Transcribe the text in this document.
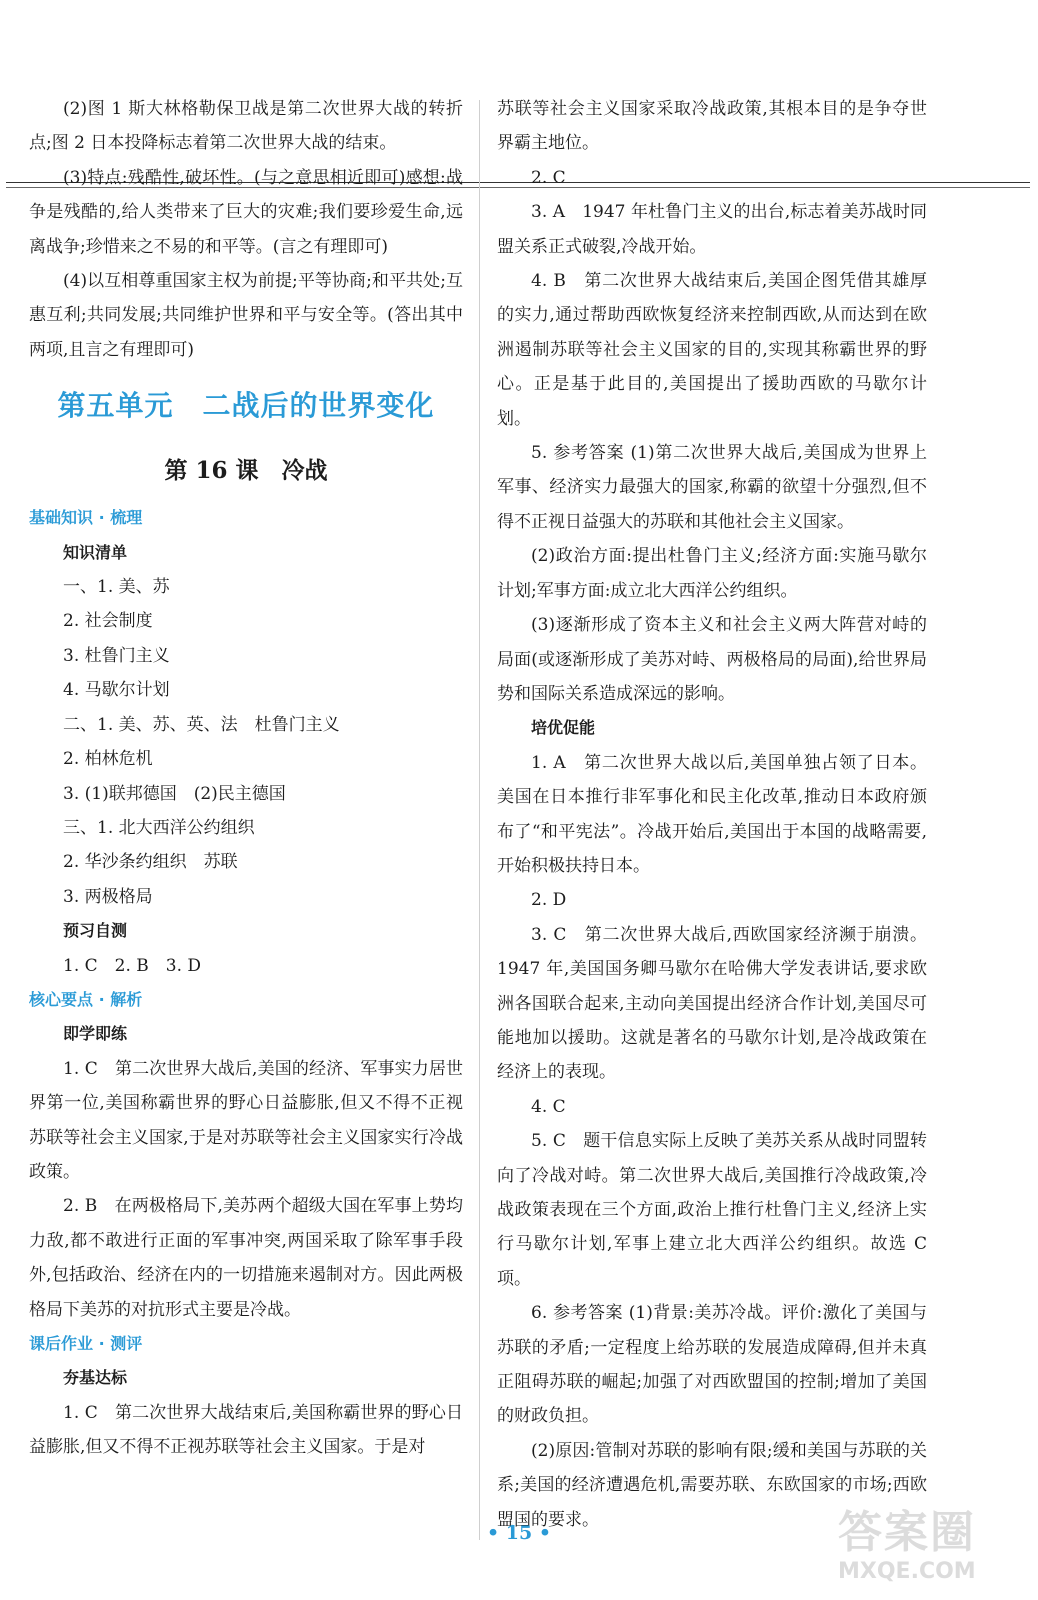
(2)图 1 斯大林格勒保卫战是第二次世界大战的转折点;图 2 日本投降标志着第二次世界大战的结束。
(3)特点:残酷性,破坏性。(与之意思相近即可)感想:战争是残酷的,给人类带来了巨大的灾难;我们要珍爱生命,远离战争;珍惜来之不易的和平等。(言之有理即可)
(4)以互相尊重国家主权为前提;平等协商;和平共处;互惠互利;共同发展;共同维护世界和平与安全等。(答出其中两项,且言之有理即可)
第五单元　二战后的世界变化
第 16 课　冷战
基础知识 · 梳理
知识清单
一、1. 美、苏
2. 社会制度
3. 杜鲁门主义
4. 马歇尔计划
二、1. 美、苏、英、法　杜鲁门主义
2. 柏林危机
3. (1)联邦德国　(2)民主德国
三、1. 北大西洋公约组织
2. 华沙条约组织　苏联
3. 两极格局
预习自测
1. C　2. B　3. D
核心要点 · 解析
即学即练
1. C　第二次世界大战后,美国的经济、军事实力居世界第一位,美国称霸世界的野心日益膨胀,但又不得不正视苏联等社会主义国家,于是对苏联等社会主义国家实行冷战政策。
2. B　在两极格局下,美苏两个超级大国在军事上势均力敌,都不敢进行正面的军事冲突,两国采取了除军事手段外,包括政治、经济在内的一切措施来遏制对方。因此两极格局下美苏的对抗形式主要是冷战。
课后作业 · 测评
夯基达标
1. C　第二次世界大战结束后,美国称霸世界的野心日益膨胀,但又不得不正视苏联等社会主义国家。于是对
苏联等社会主义国家采取冷战政策,其根本目的是争夺世界霸主地位。
2. C
3. A　1947 年杜鲁门主义的出台,标志着美苏战时同盟关系正式破裂,冷战开始。
4. B　第二次世界大战结束后,美国企图凭借其雄厚的实力,通过帮助西欧恢复经济来控制西欧,从而达到在欧洲遏制苏联等社会主义国家的目的,实现其称霸世界的野心。正是基于此目的,美国提出了援助西欧的马歇尔计划。
5. 参考答案 (1)第二次世界大战后,美国成为世界上军事、经济实力最强大的国家,称霸的欲望十分强烈,但不得不正视日益强大的苏联和其他社会主义国家。
(2)政治方面:提出杜鲁门主义;经济方面:实施马歇尔计划;军事方面:成立北大西洋公约组织。
(3)逐渐形成了资本主义和社会主义两大阵营对峙的局面(或逐渐形成了美苏对峙、两极格局的局面),给世界局势和国际关系造成深远的影响。
培优促能
1. A　第二次世界大战以后,美国单独占领了日本。美国在日本推行非军事化和民主化改革,推动日本政府颁布了“和平宪法”。冷战开始后,美国出于本国的战略需要,开始积极扶持日本。
2. D
3. C　第二次世界大战后,西欧国家经济濒于崩溃。1947 年,美国国务卿马歇尔在哈佛大学发表讲话,要求欧洲各国联合起来,主动向美国提出经济合作计划,美国尽可能地加以援助。这就是著名的马歇尔计划,是冷战政策在经济上的表现。
4. C
5. C　题干信息实际上反映了美苏关系从战时同盟转向了冷战对峙。第二次世界大战后,美国推行冷战政策,冷战政策表现在三个方面,政治上推行杜鲁门主义,经济上实行马歇尔计划,军事上建立北大西洋公约组织。故选 C 项。
6. 参考答案 (1)背景:美苏冷战。评价:激化了美国与苏联的矛盾;一定程度上给苏联的发展造成障碍,但并未真正阻碍苏联的崛起;加强了对西欧盟国的控制;增加了美国的财政负担。
(2)原因:管制对苏联的影响有限;缓和美国与苏联的关系;美国的经济遭遇危机,需要苏联、东欧国家的市场;西欧盟国的要求。
• 15 •	答案圈
MXQE.COM
